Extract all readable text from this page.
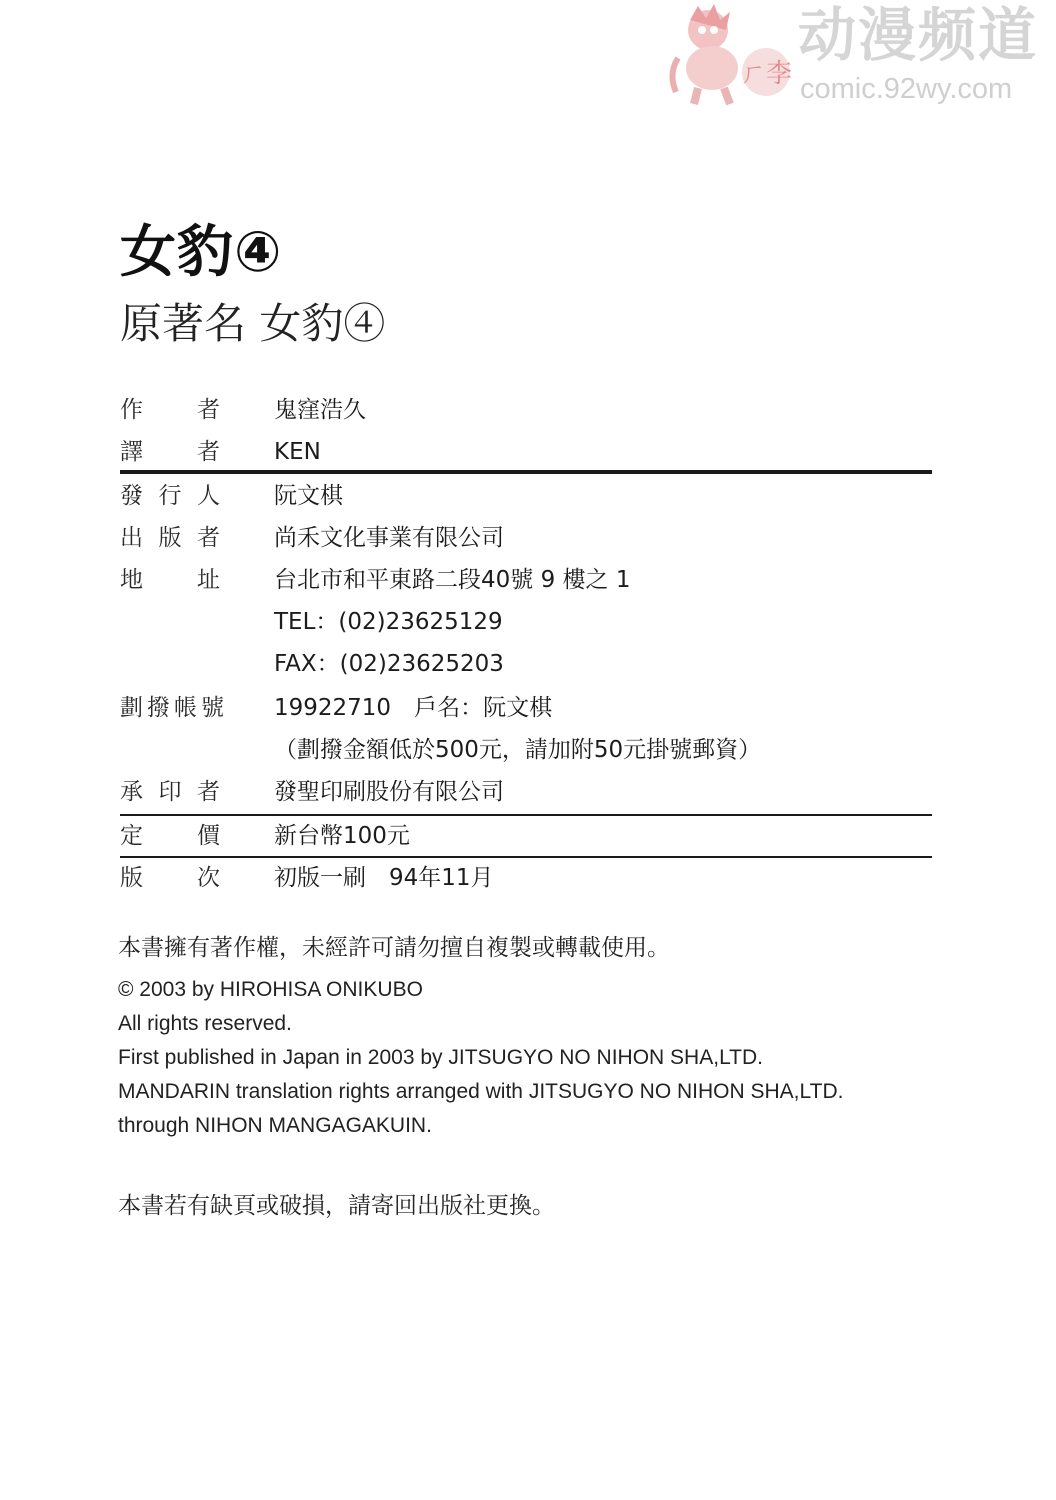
ㄏ李
动漫频道
comic.92wy.com
女豹④
原著名 女豹④
作 者 鬼窪浩久
譯 者 KEN
發 行 人 阮文棋
出 版 者 尚禾文化事業有限公司
地 址 台北市和平東路二段40號 9 樓之 1
TEL：(02)23625129
FAX：(02)23625203
劃 撥 帳 號 19922710　戶名：阮文棋
（劃撥金額低於500元，請加附50元掛號郵資）
承 印 者 發聖印刷股份有限公司
定 價 新台幣100元
版 次 初版一刷　94年11月
本書擁有著作權，未經許可請勿擅自複製或轉載使用。
© 2003 by HIROHISA ONIKUBO
All rights reserved.
First published in Japan in 2003 by JITSUGYO NO NIHON SHA,LTD.
MANDARIN translation rights arranged with JITSUGYO NO NIHON SHA,LTD.
through NIHON MANGAGAKUIN.
本書若有缺頁或破損，請寄回出版社更換。
